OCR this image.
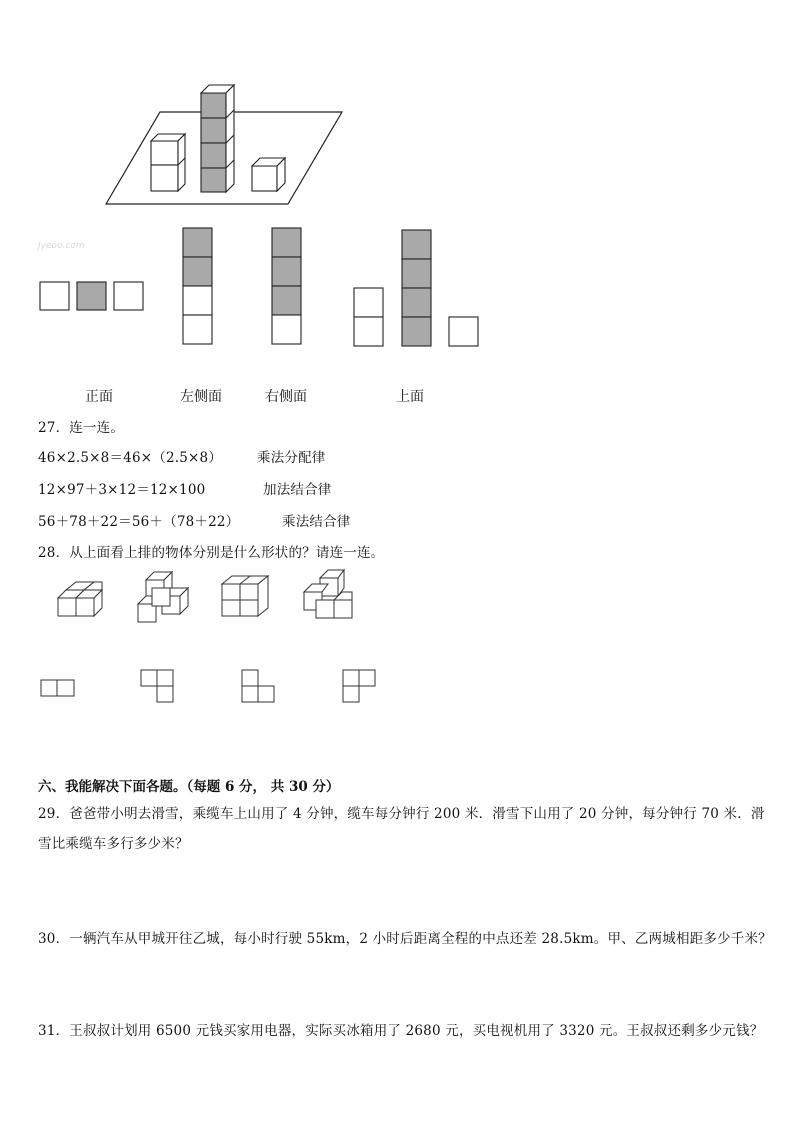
Jyeoo.com
正面	左侧面	右侧面	上面
27．连一连。
46×2.5×8＝46×（2.5×8）
12×97＋3×12＝12×100
56＋78＋22＝56＋（78＋22）
乘法分配律
加法结合律
乘法结合律
28．从上面看上排的物体分别是什么形状的？请连一连。
六、我能解决下面各题。（每题 6 分， 共 30 分）
29．爸爸带小明去滑雪，乘缆车上山用了 4 分钟，缆车每分钟行 200 米．滑雪下山用了 20 分钟，每分钟行 70 米．滑
雪比乘缆车多行多少米？
30．一辆汽车从甲城开往乙城，每小时行驶 55km，2 小时后距离全程的中点还差 28.5km。甲、乙两城相距多少千米？
31．王叔叔计划用 6500 元钱买家用电器，实际买冰箱用了 2680 元，买电视机用了 3320 元。王叔叔还剩多少元钱？
